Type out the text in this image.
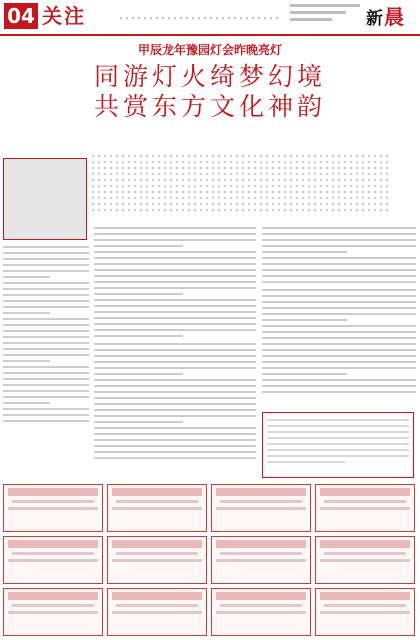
04 关注	新晨
甲辰龙年豫园灯会昨晚亮灯
同游灯火绮梦幻境
共赏东方文化神韵
